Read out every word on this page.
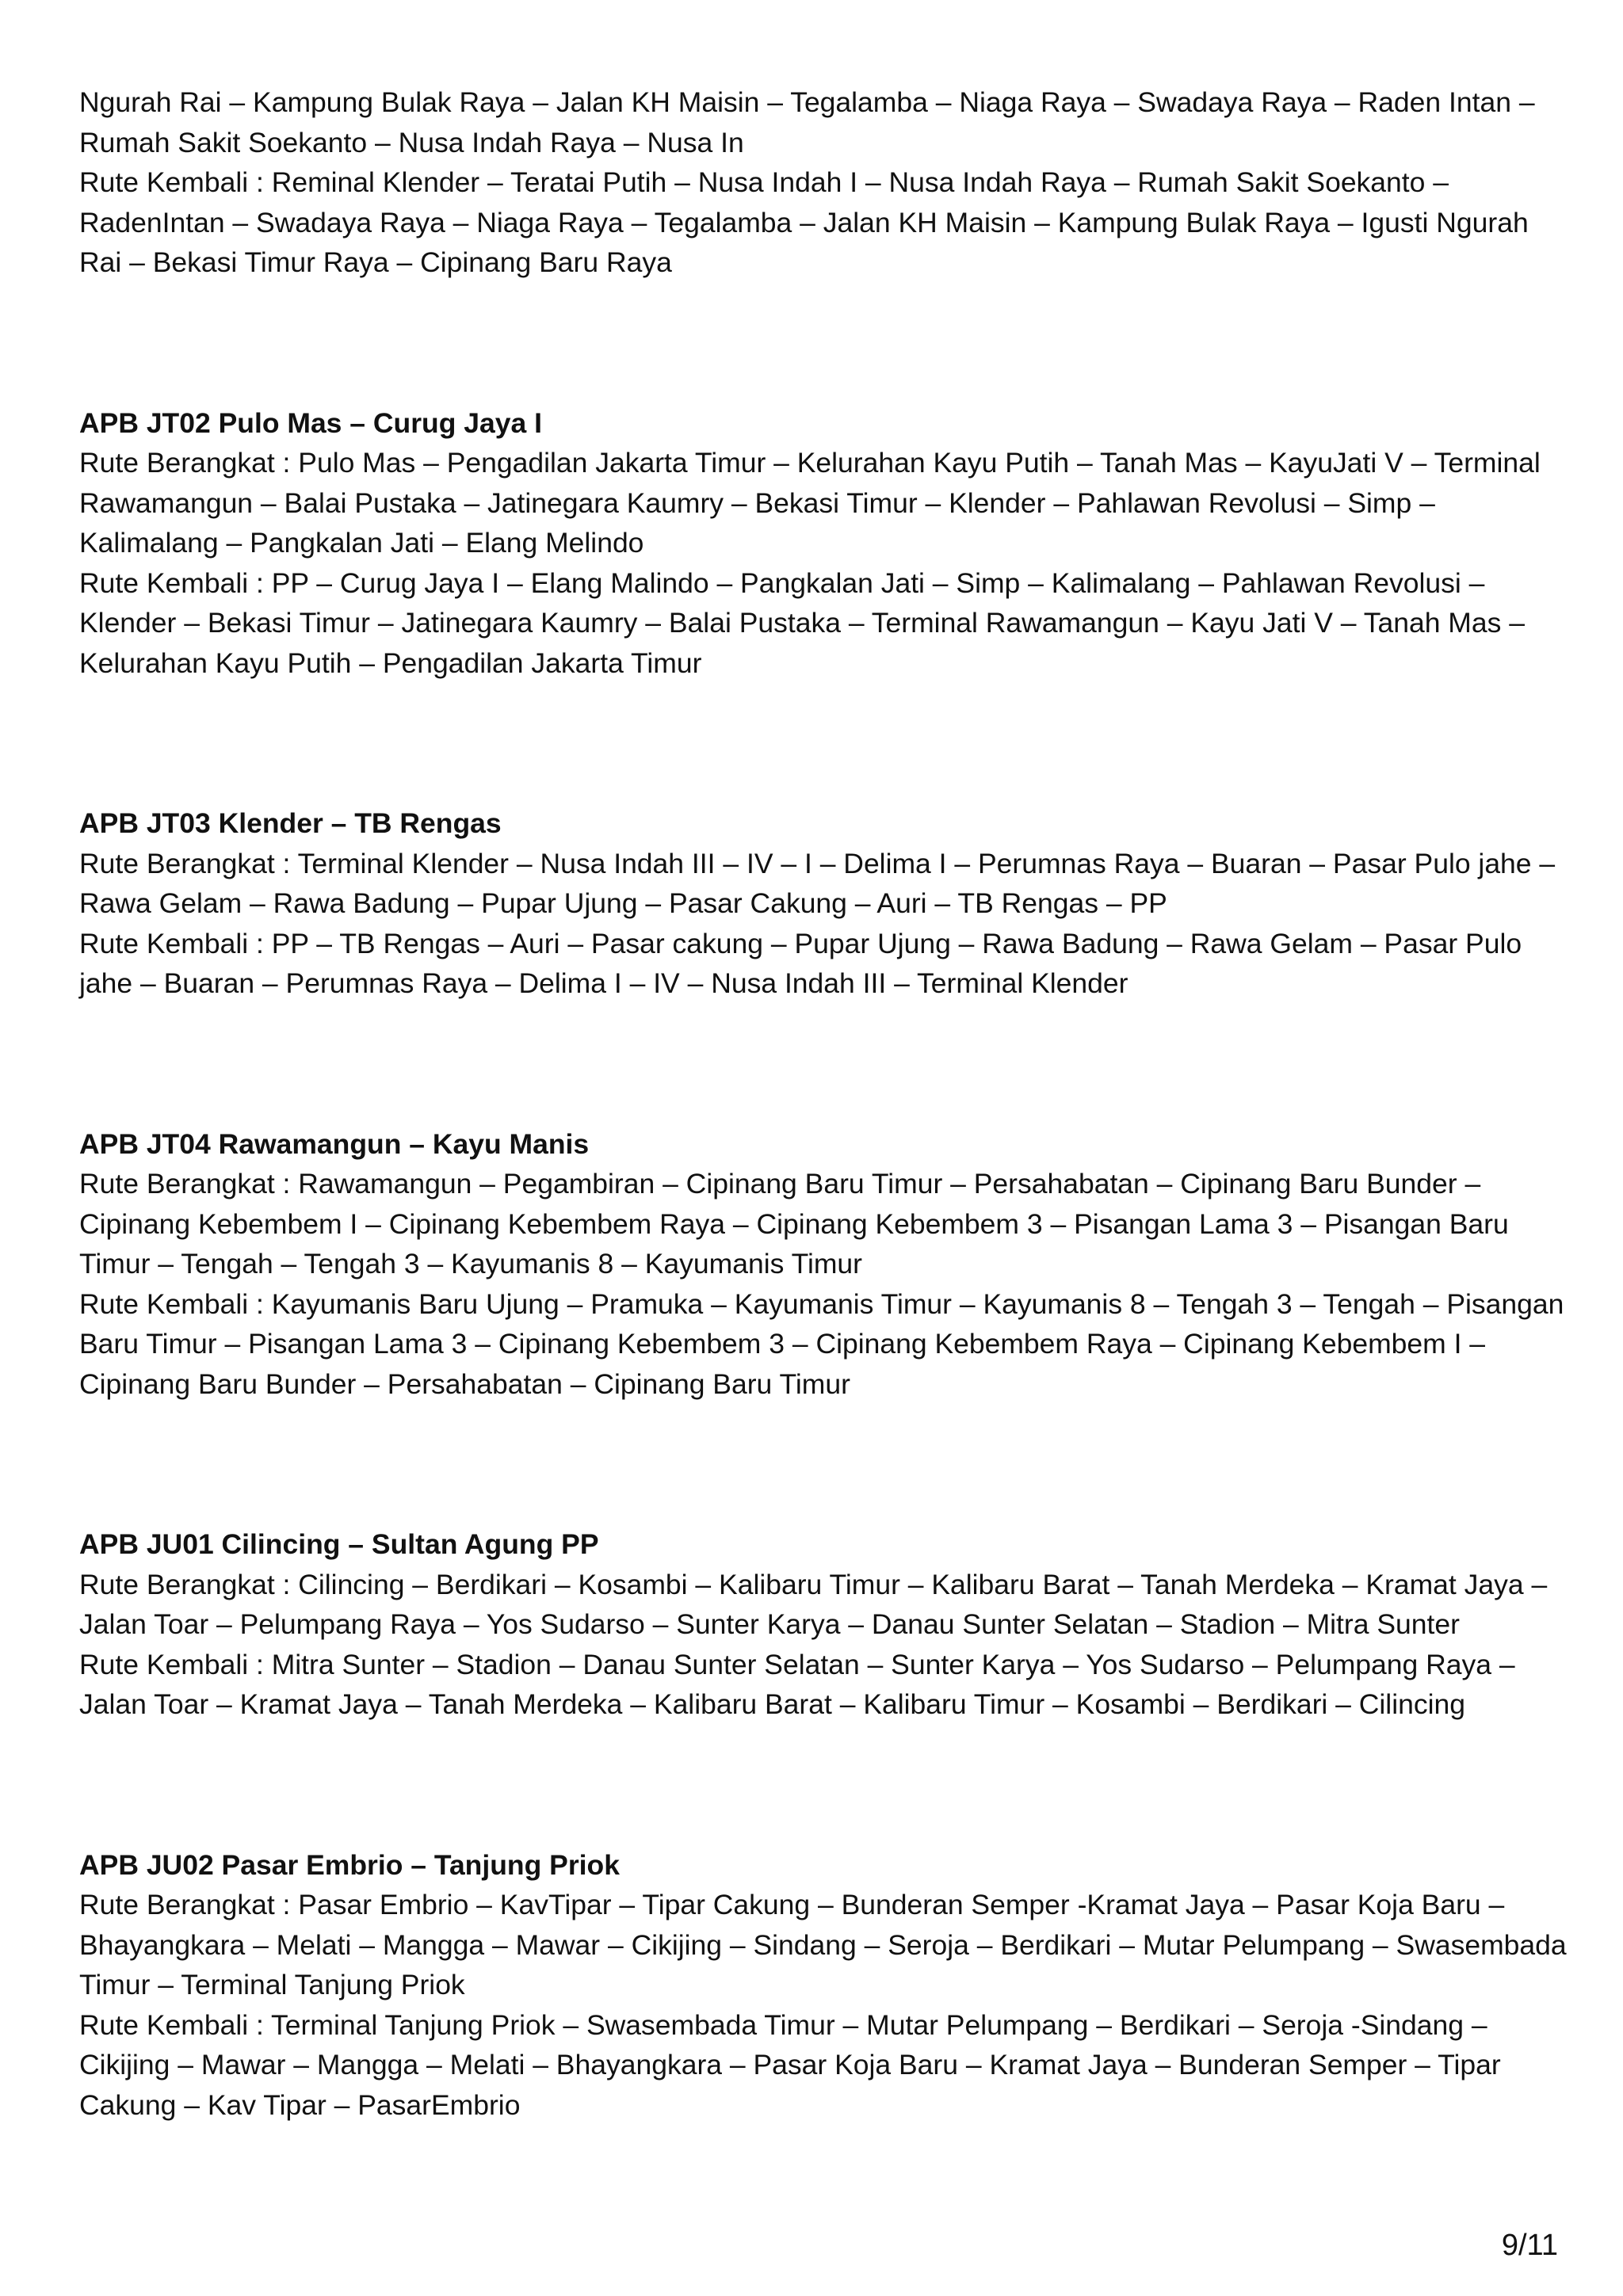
Ngurah Rai – Kampung Bulak Raya – Jalan KH Maisin – Tegalamba – Niaga Raya – Swadaya Raya – Raden Intan – Rumah Sakit Soekanto – Nusa Indah Raya – Nusa In

Rute Kembali : Reminal Klender – Teratai Putih – Nusa Indah I – Nusa Indah Raya – Rumah Sakit Soekanto – RadenIntan – Swadaya Raya – Niaga Raya – Tegalamba – Jalan KH Maisin – Kampung Bulak Raya – Igusti Ngurah Rai – Bekasi Timur Raya – Cipinang Baru Raya

APB JT02 Pulo Mas – Curug Jaya I

Rute Berangkat : Pulo Mas – Pengadilan Jakarta Timur – Kelurahan Kayu Putih – Tanah Mas – KayuJati V – Terminal Rawamangun – Balai Pustaka – Jatinegara Kaumry – Bekasi Timur – Klender – Pahlawan Revolusi – Simp – Kalimalang – Pangkalan Jati – Elang Melindo

Rute Kembali : PP – Curug Jaya I – Elang Malindo – Pangkalan Jati – Simp – Kalimalang – Pahlawan Revolusi – Klender – Bekasi Timur – Jatinegara Kaumry – Balai Pustaka – Terminal Rawamangun – Kayu Jati V – Tanah Mas – Kelurahan Kayu Putih – Pengadilan Jakarta Timur

APB JT03 Klender – TB Rengas

Rute Berangkat : Terminal Klender – Nusa Indah III – IV – I – Delima I – Perumnas Raya – Buaran – Pasar Pulo jahe – Rawa Gelam – Rawa Badung – Pupar Ujung – Pasar Cakung – Auri – TB Rengas – PP

Rute Kembali : PP – TB Rengas – Auri – Pasar cakung – Pupar Ujung – Rawa Badung – Rawa Gelam – Pasar Pulo jahe – Buaran – Perumnas Raya – Delima I – IV – Nusa Indah III – Terminal Klender

APB JT04 Rawamangun – Kayu Manis

Rute Berangkat : Rawamangun – Pegambiran – Cipinang Baru Timur – Persahabatan – Cipinang Baru Bunder – Cipinang Kebembem I – Cipinang Kebembem Raya – Cipinang Kebembem 3 – Pisangan Lama 3 – Pisangan Baru Timur – Tengah – Tengah 3 – Kayumanis 8 – Kayumanis Timur

Rute Kembali : Kayumanis Baru Ujung – Pramuka – Kayumanis Timur – Kayumanis 8 – Tengah 3 – Tengah – Pisangan Baru Timur – Pisangan Lama 3 – Cipinang Kebembem 3 – Cipinang Kebembem Raya – Cipinang Kebembem I – Cipinang Baru Bunder – Persahabatan – Cipinang Baru Timur

APB JU01 Cilincing – Sultan Agung PP

Rute Berangkat : Cilincing – Berdikari – Kosambi – Kalibaru Timur – Kalibaru Barat – Tanah Merdeka – Kramat Jaya – Jalan Toar – Pelumpang Raya – Yos Sudarso – Sunter Karya – Danau Sunter Selatan – Stadion – Mitra Sunter

Rute Kembali : Mitra Sunter – Stadion – Danau Sunter Selatan – Sunter Karya – Yos Sudarso – Pelumpang Raya – Jalan Toar – Kramat Jaya – Tanah Merdeka – Kalibaru Barat – Kalibaru Timur – Kosambi – Berdikari – Cilincing

APB JU02 Pasar Embrio – Tanjung Priok

Rute Berangkat : Pasar Embrio – KavTipar – Tipar Cakung – Bunderan Semper -Kramat Jaya – Pasar Koja Baru – Bhayangkara – Melati – Mangga – Mawar – Cikijing – Sindang – Seroja – Berdikari – Mutar Pelumpang – Swasembada Timur – Terminal Tanjung Priok

Rute Kembali : Terminal Tanjung Priok – Swasembada Timur – Mutar Pelumpang – Berdikari – Seroja -Sindang – Cikijing – Mawar – Mangga – Melati – Bhayangkara – Pasar Koja Baru – Kramat Jaya – Bunderan Semper – Tipar Cakung – Kav Tipar – PasarEmbrio

9/11
